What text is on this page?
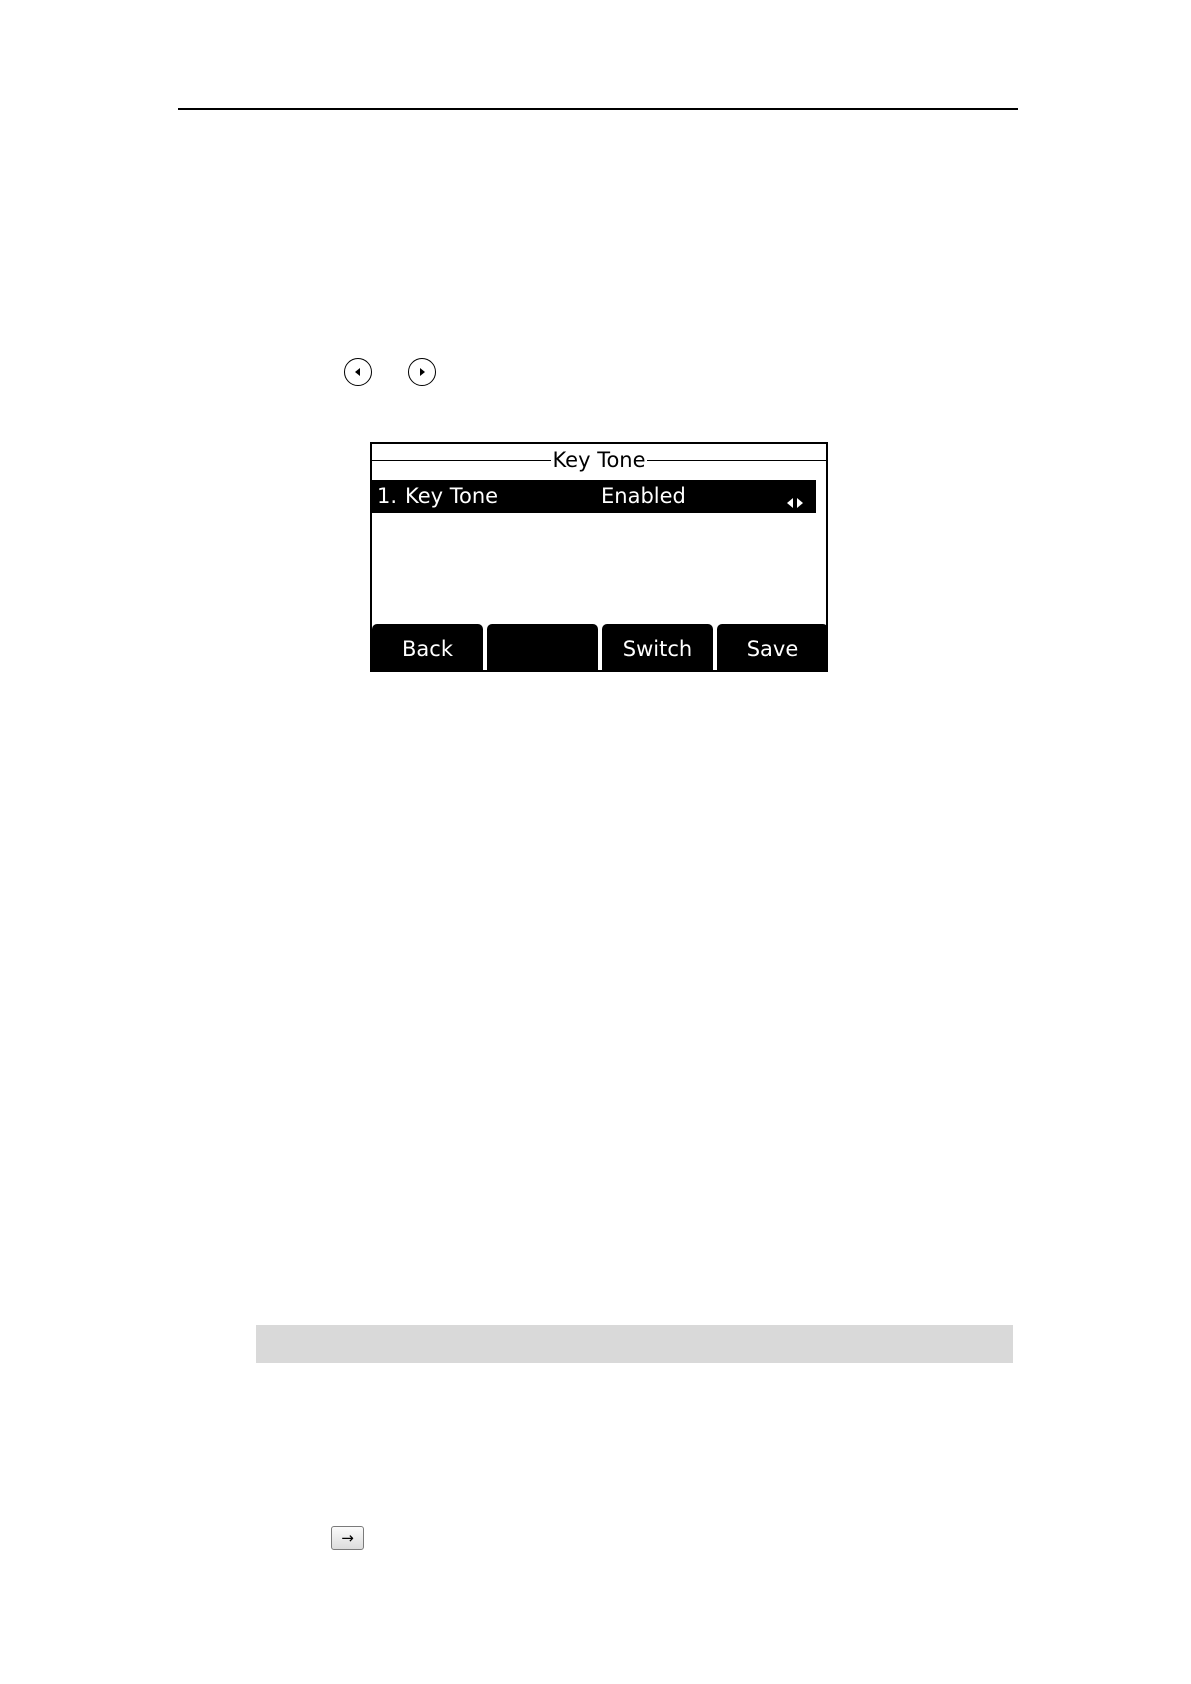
Key Tone
1. Key Tone	Enabled
Back	Switch	Save
→
